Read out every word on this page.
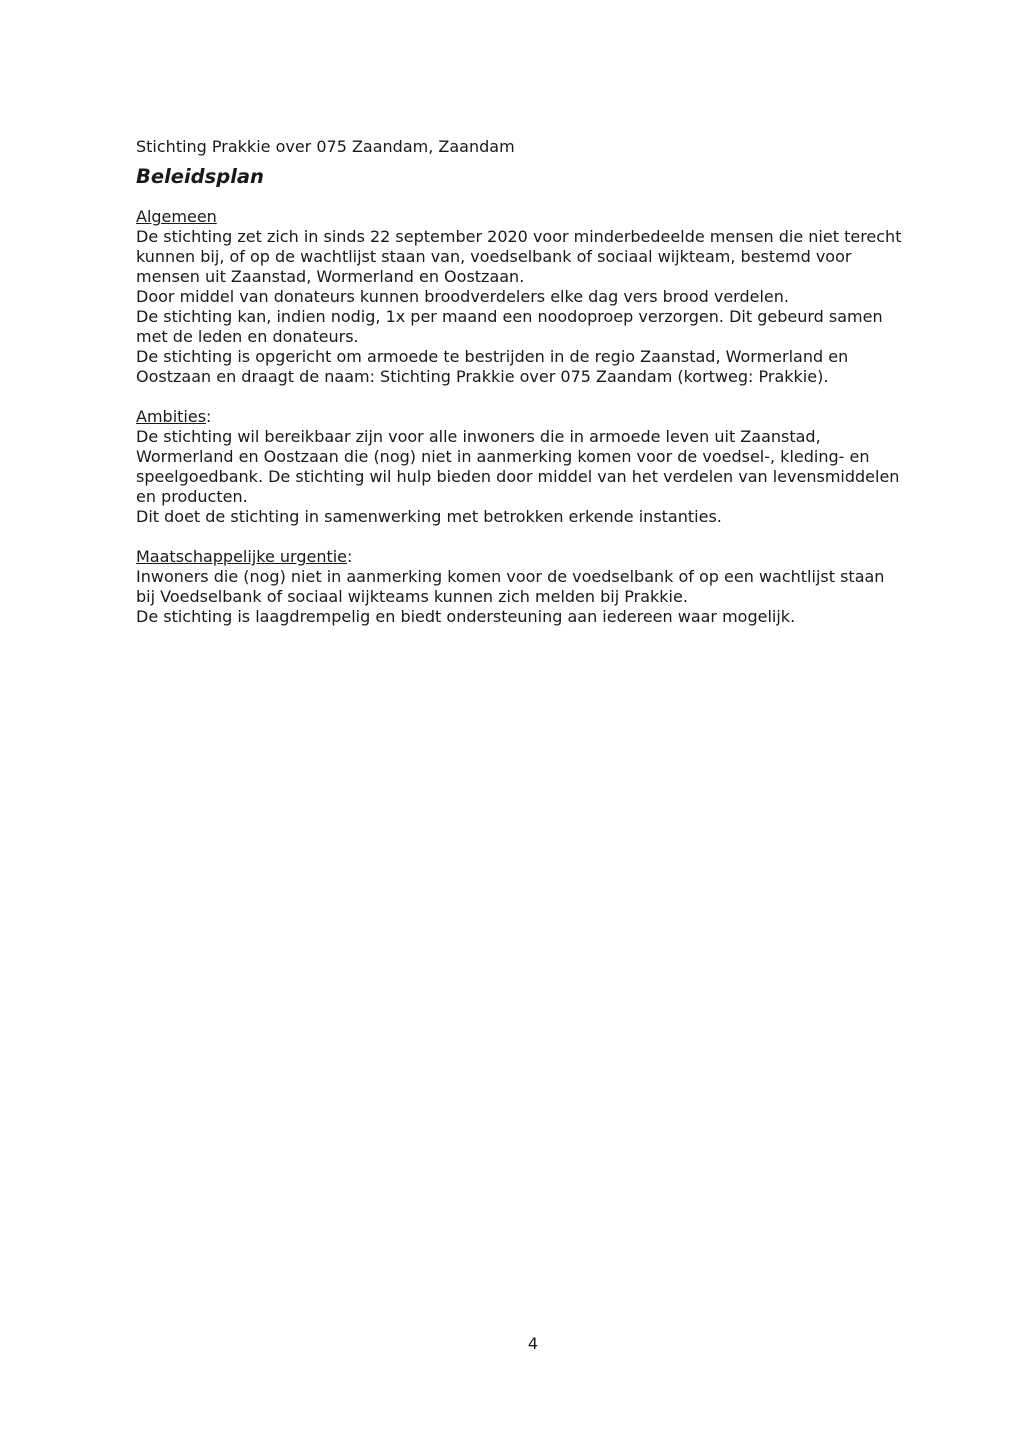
Stichting Prakkie over 075 Zaandam, Zaandam

Beleidsplan

Algemeen

De stichting zet zich in sinds 22 september 2020 voor minderbedeelde mensen die niet terecht

kunnen bij, of op de wachtlijst staan van, voedselbank of sociaal wijkteam, bestemd voor

mensen uit Zaanstad, Wormerland en Oostzaan.

Door middel van donateurs kunnen broodverdelers elke dag vers brood verdelen.

De stichting kan, indien nodig, 1x per maand een noodoproep verzorgen. Dit gebeurd samen

met de leden en donateurs.

De stichting is opgericht om armoede te bestrijden in de regio Zaanstad, Wormerland en

Oostzaan en draagt de naam: Stichting Prakkie over 075 Zaandam (kortweg: Prakkie).

Ambities:

De stichting wil bereikbaar zijn voor alle inwoners die in armoede leven uit Zaanstad,

Wormerland en Oostzaan die (nog) niet in aanmerking komen voor de voedsel-, kleding- en

speelgoedbank. De stichting wil hulp bieden door middel van het verdelen van levensmiddelen

en producten.

Dit doet de stichting in samenwerking met betrokken erkende instanties.

Maatschappelijke urgentie:

Inwoners die (nog) niet in aanmerking komen voor de voedselbank of op een wachtlijst staan

bij Voedselbank of sociaal wijkteams kunnen zich melden bij Prakkie.

De stichting is laagdrempelig en biedt ondersteuning aan iedereen waar mogelijk.

4
